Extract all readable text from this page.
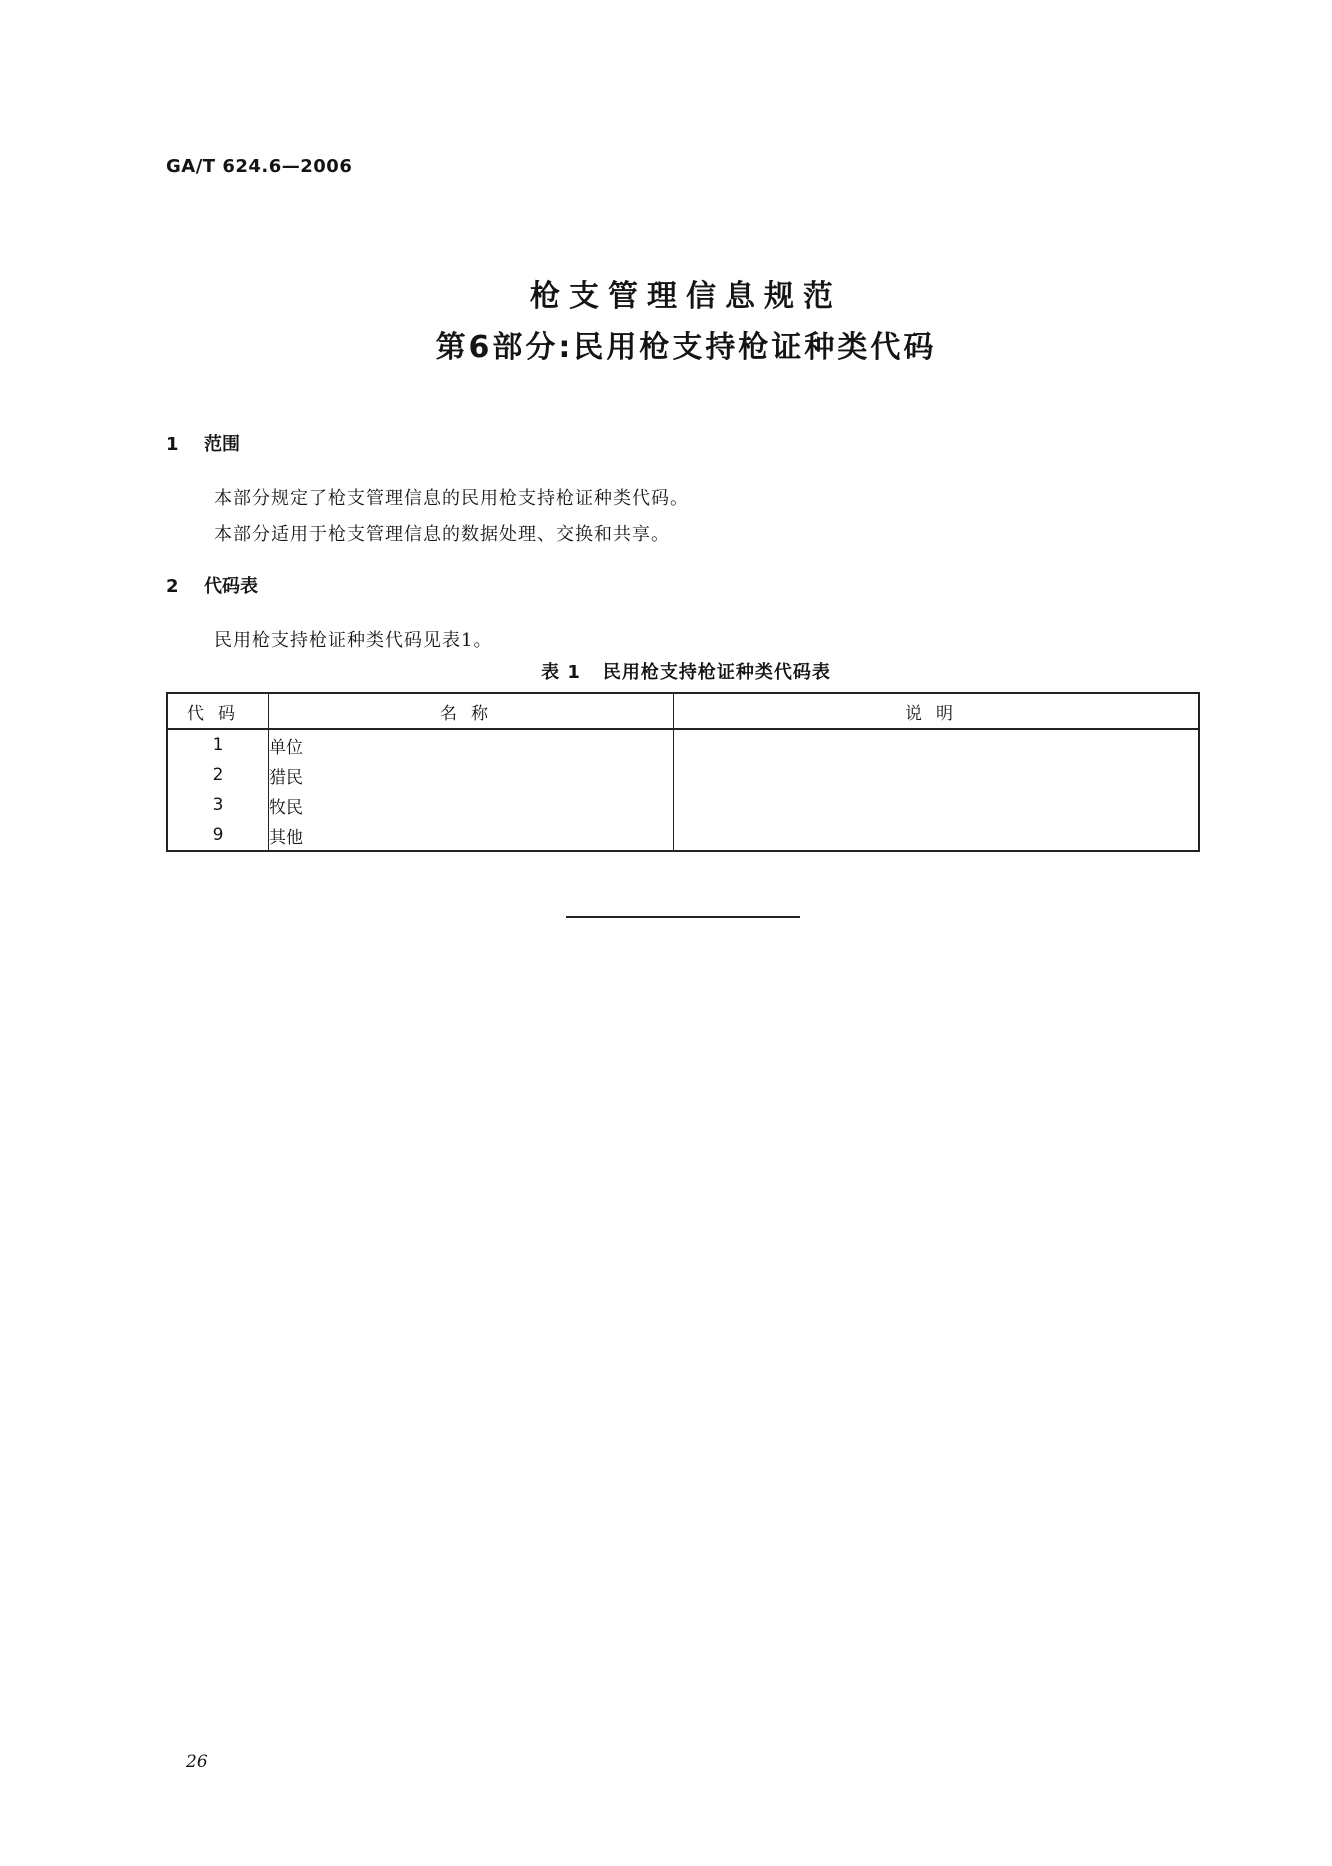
GA/T 624.6—2006
枪支管理信息规范
第6部分:民用枪支持枪证种类代码
1 范围
本部分规定了枪支管理信息的民用枪支持枪证种类代码。
本部分适用于枪支管理信息的数据处理、交换和共享。
2 代码表
民用枪支持枪证种类代码见表1。
表 1 民用枪支持枪证种类代码表
代码	名称	说明
1	单位	
2	猎民	
3	牧民	
9	其他	
26
